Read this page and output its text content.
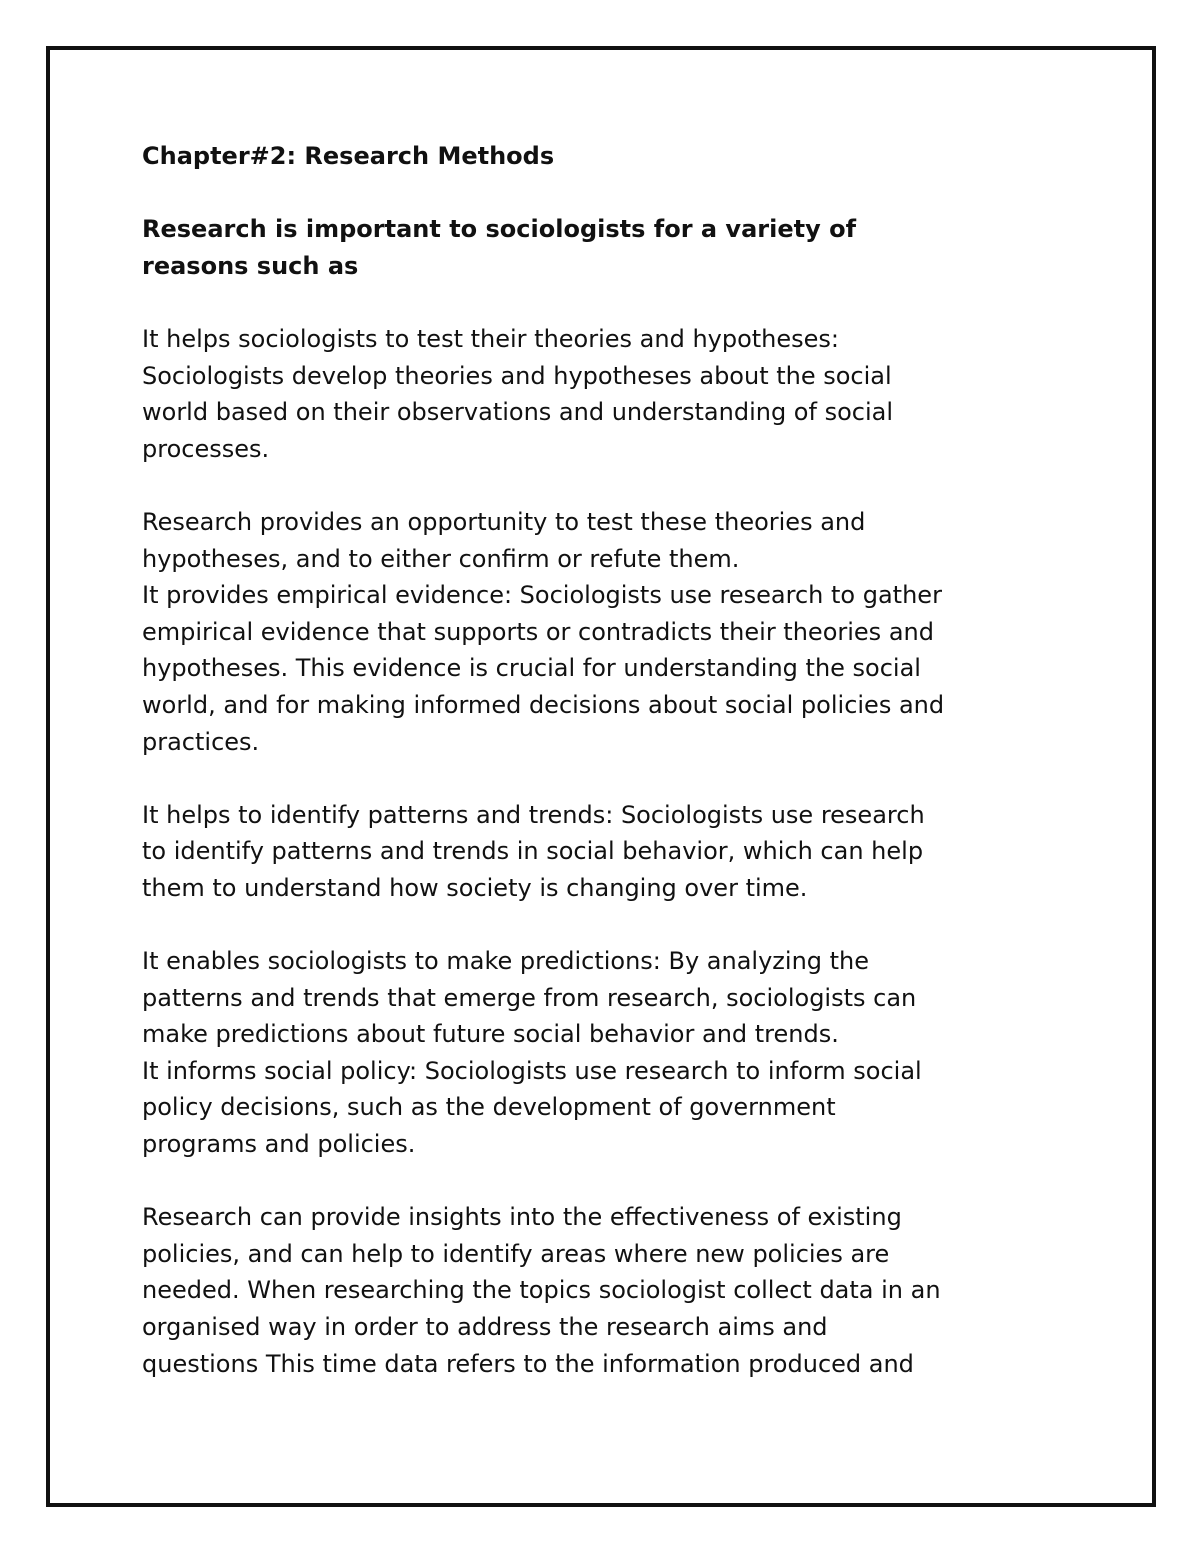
Chapter#2: Research Methods
Research is important to sociologists for a variety of
reasons such as
It helps sociologists to test their theories and hypotheses:
Sociologists develop theories and hypotheses about the social
world based on their observations and understanding of social
processes.
Research provides an opportunity to test these theories and
hypotheses, and to either confirm or refute them.
It provides empirical evidence: Sociologists use research to gather
empirical evidence that supports or contradicts their theories and
hypotheses. This evidence is crucial for understanding the social
world, and for making informed decisions about social policies and
practices.
It helps to identify patterns and trends: Sociologists use research
to identify patterns and trends in social behavior, which can help
them to understand how society is changing over time.
It enables sociologists to make predictions: By analyzing the
patterns and trends that emerge from research, sociologists can
make predictions about future social behavior and trends.
It informs social policy: Sociologists use research to inform social
policy decisions, such as the development of government
programs and policies.
Research can provide insights into the effectiveness of existing
policies, and can help to identify areas where new policies are
needed. When researching the topics sociologist collect data in an
organised way in order to address the research aims and
questions This time data refers to the information produced and
